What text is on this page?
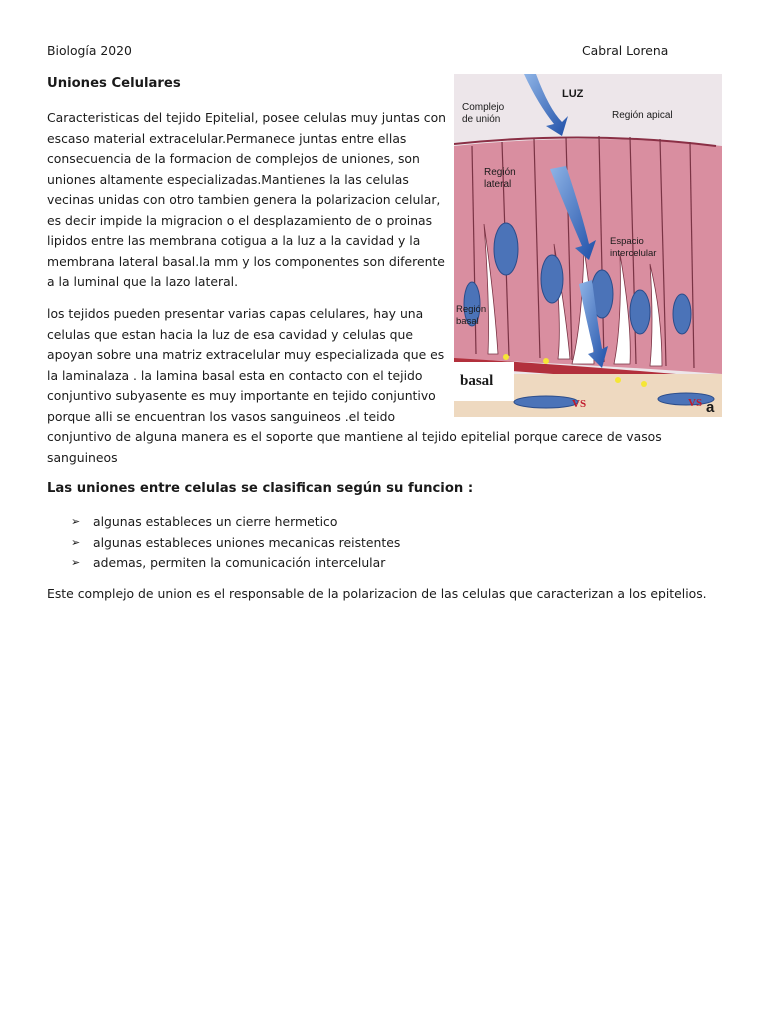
Biología 2020	Cabral Lorena
Uniones Celulares

Caracteristicas del tejido Epitelial, posee celulas muy juntas con escaso material extracelular.Permanece juntas entre ellas consecuencia de la formacion de complejos de uniones, son uniones altamente especializadas.Mantienes la las celulas vecinas unidas con otro tambien genera la polarizacion celular, es decir impide la migracion o el desplazamiento de o proinas lipidos entre las membrana cotigua a la luz a la cavidad y la membrana lateral basal.la mm y los componentes son diferente a la luminal que la lazo lateral.

los tejidos pueden presentar varias capas celulares, hay una celulas que estan hacia la luz de esa cavidad y celulas que apoyan sobre una matriz extracelular muy especializada que es la laminalaza . la lamina basal esta en contacto con el tejido conjuntivo subyasente es muy importante en tejido conjuntivo porque alli se encuentran los vasos sanguineos .el teido

conjuntivo de alguna manera es el soporte que mantiene al tejido epitelial porque carece de vasos sanguineos

Las uniones entre celulas se clasifican según su funcion :
➢ algunas estableces un cierre hermetico
➢ algunas estableces uniones mecanicas reistentes
➢ ademas, permiten la comunicación intercelular

Este complejo de union es el responsable de la polarizacion de las celulas que caracterizan a los epitelios.

LUZ
Complejo
de unión	Región apical
Región
lateral
Espacio
intercelular
Región
basal
basal
VS	VS a
